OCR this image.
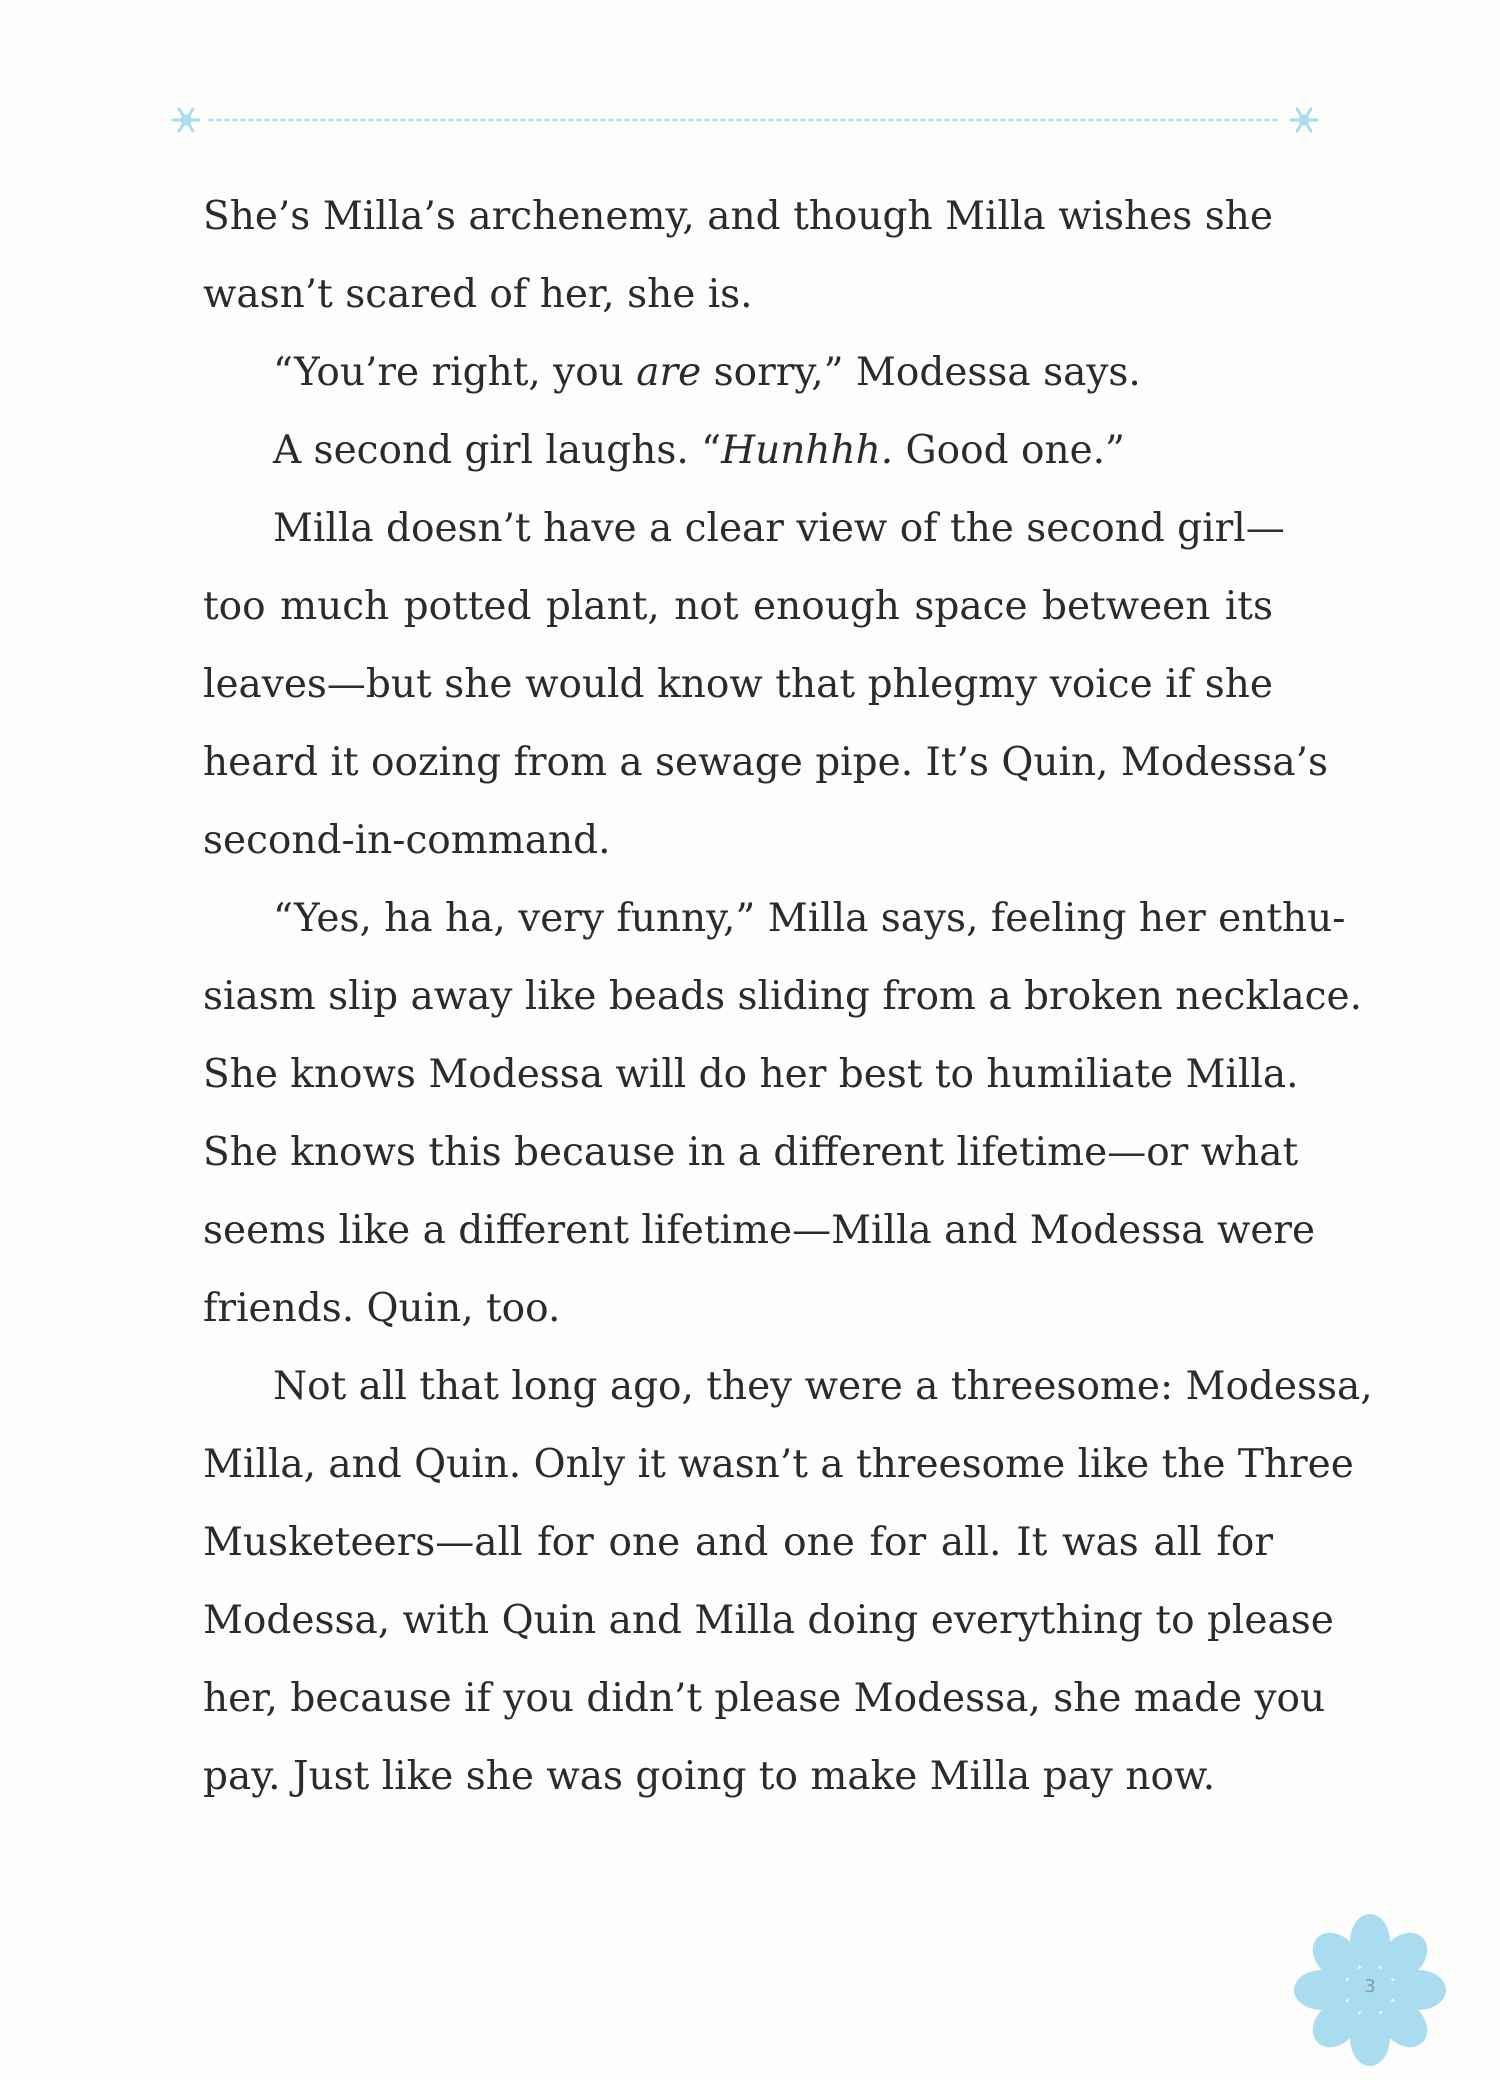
She’s Milla’s archenemy, and though Milla wishes she
wasn’t scared of her, she is.
“You’re right, you are sorry,” Modessa says.
A second girl laughs. “Hunhhh. Good one.”
Milla doesn’t have a clear view of the second girl—
too much potted plant, not enough space between its
leaves—but she would know that phlegmy voice if she
heard it oozing from a sewage pipe. It’s Quin, Modessa’s
second-in-command.
“Yes, ha ha, very funny,” Milla says, feeling her enthu-
siasm slip away like beads sliding from a broken necklace.
She knows Modessa will do her best to humiliate Milla.
She knows this because in a different lifetime—or what
seems like a different lifetime—Milla and Modessa were
friends. Quin, too.
Not all that long ago, they were a threesome: Modessa,
Milla, and Quin. Only it wasn’t a threesome like the Three
Musketeers—all for one and one for all. It was all for
Modessa, with Quin and Milla doing everything to please
her, because if you didn’t please Modessa, she made you
pay. Just like she was going to make Milla pay now.
3
